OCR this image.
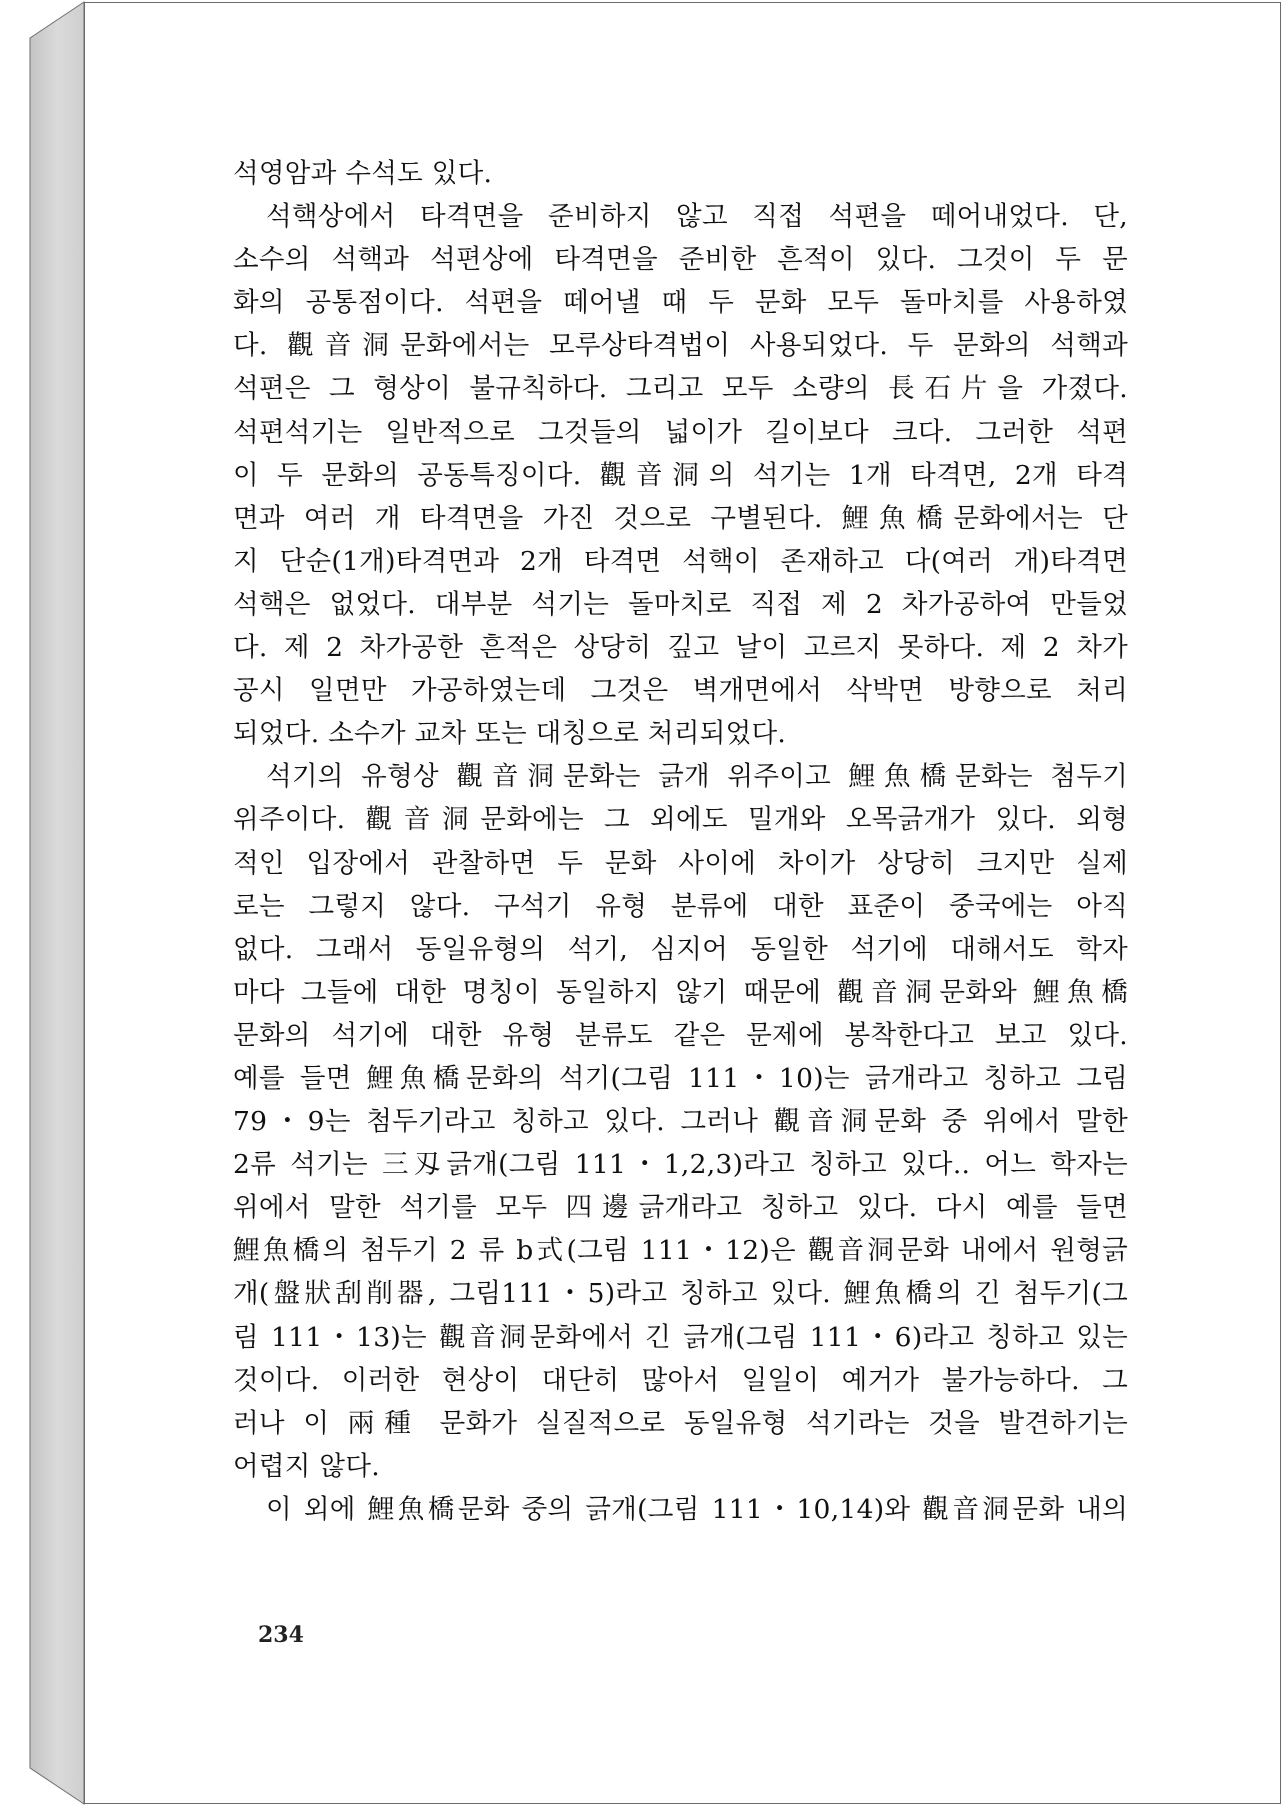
석영암과 수석도 있다.
석핵상에서 타격면을 준비하지 않고 직접 석편을 떼어내었다. 단,
소수의 석핵과 석편상에 타격면을 준비한 흔적이 있다. 그것이 두 문
화의 공통점이다. 석편을 떼어낼 때 두 문화 모두 돌마치를 사용하였
다. 觀音洞문화에서는 모루상타격법이 사용되었다. 두 문화의 석핵과
석편은 그 형상이 불규칙하다. 그리고 모두 소량의 長石片을 가졌다.
석편석기는 일반적으로 그것들의 넓이가 길이보다 크다. 그러한 석편
이 두 문화의 공동특징이다. 觀音洞의 석기는 1개 타격면, 2개 타격
면과 여러 개 타격면을 가진 것으로 구별된다. 鯉魚橋문화에서는 단
지 단순(1개)타격면과 2개 타격면 석핵이 존재하고 다(여러 개)타격면
석핵은 없었다. 대부분 석기는 돌마치로 직접 제 2 차가공하여 만들었
다. 제 2 차가공한 흔적은 상당히 깊고 날이 고르지 못하다. 제 2 차가
공시 일면만 가공하였는데 그것은 벽개면에서 삭박면 방향으로 처리
되었다. 소수가 교차 또는 대칭으로 처리되었다.
석기의 유형상 觀音洞문화는 긁개 위주이고 鯉魚橋문화는 첨두기
위주이다. 觀音洞문화에는 그 외에도 밀개와 오목긁개가 있다. 외형
적인 입장에서 관찰하면 두 문화 사이에 차이가 상당히 크지만 실제
로는 그렇지 않다. 구석기 유형 분류에 대한 표준이 중국에는 아직
없다. 그래서 동일유형의 석기, 심지어 동일한 석기에 대해서도 학자
마다 그들에 대한 명칭이 동일하지 않기 때문에 觀音洞문화와 鯉魚橋
문화의 석기에 대한 유형 분류도 같은 문제에 봉착한다고 보고 있다.
예를 들면 鯉魚橋문화의 석기(그림 111・10)는 긁개라고 칭하고 그림
79・9는 첨두기라고 칭하고 있다. 그러나 觀音洞문화 중 위에서 말한
2류 석기는 三刄긁개(그림 111・1,2,3)라고 칭하고 있다.. 어느 학자는
위에서 말한 석기를 모두 四邊긁개라고 칭하고 있다. 다시 예를 들면
鯉魚橋의 첨두기 2 류 b式(그림 111・12)은 觀音洞문화 내에서 원형긁
개(盤狀刮削器, 그림111・5)라고 칭하고 있다. 鯉魚橋의 긴 첨두기(그
림 111・13)는 觀音洞문화에서 긴 긁개(그림 111・6)라고 칭하고 있는
것이다. 이러한 현상이 대단히 많아서 일일이 예거가 불가능하다. 그
러나 이 兩種 문화가 실질적으로 동일유형 석기라는 것을 발견하기는
어렵지 않다.
이 외에 鯉魚橋문화 중의 긁개(그림 111・10,14)와 觀音洞문화 내의
234
